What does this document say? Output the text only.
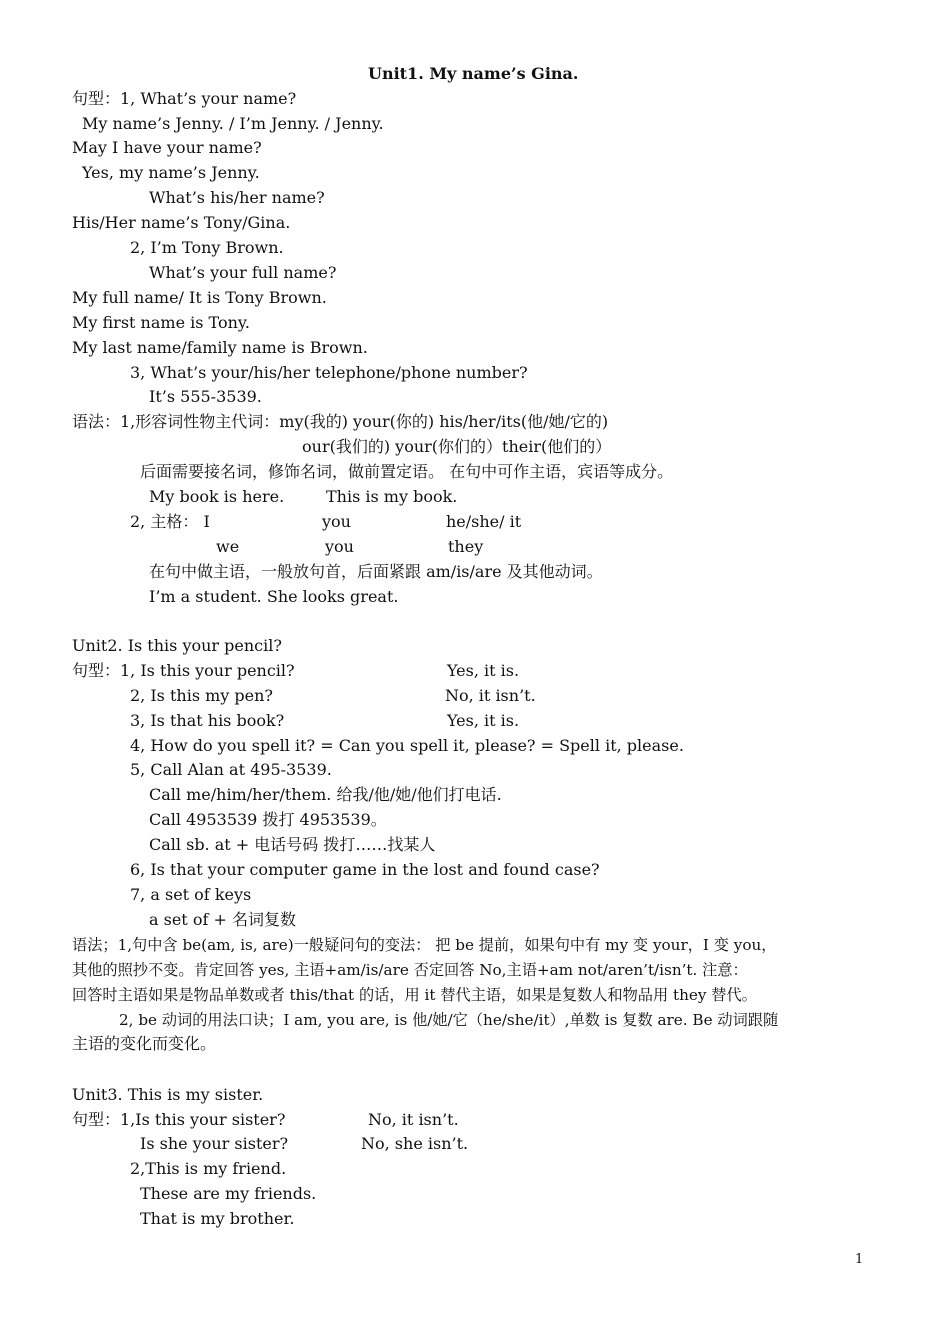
Unit1. My name’s Gina.
句型：1, What’s your name?
My name’s Jenny. / I’m Jenny. / Jenny.
May I have your name?
Yes, my name’s Jenny.
What’s his/her name?
His/Her name’s Tony/Gina.
2, I’m Tony Brown.
What’s your full name?
My full name/ It is Tony Brown.
My first name is Tony.
My last name/family name is Brown.
3, What’s your/his/her telephone/phone number?
It’s 555-3539.
语法：1,形容词性物主代词：my(我的) your(你的) his/her/its(他/她/它的)
our(我们的) your(你们的）their(他们的）
后面需要接名词，修饰名词，做前置定语。 在句中可作主语，宾语等成分。
My book is here.	This is my book.
2, 主格： I	you	he/she/ it
we	you	they
在句中做主语，一般放句首，后面紧跟 am/is/are 及其他动词。
I’m a student. She looks great.
Unit2. Is this your pencil?
句型：1, Is this your pencil?	Yes, it is.
2, Is this my pen?	No, it isn’t.
3, Is that his book?	Yes, it is.
4, How do you spell it? = Can you spell it, please? = Spell it, please.
5, Call Alan at 495-3539.
Call me/him/her/them. 给我/他/她/他们打电话.
Call 4953539 拨打 4953539。
Call sb. at + 电话号码 拨打……找某人
6, Is that your computer game in the lost and found case?
7, a set of keys
a set of + 名词复数
语法；1,句中含 be(am, is, are)一般疑问句的变法： 把 be 提前，如果句中有 my 变 your，I 变 you，
其他的照抄不变。肯定回答 yes, 主语+am/is/are 否定回答 No,主语+am not/aren’t/isn’t. 注意：
回答时主语如果是物品单数或者 this/that 的话，用 it 替代主语，如果是复数人和物品用 they 替代。
2, be 动词的用法口诀；I am, you are, is 他/她/它（he/she/it）,单数 is 复数 are. Be 动词跟随
主语的变化而变化。
Unit3. This is my sister.
句型：1,Is this your sister?	No, it isn’t.
Is she your sister?	No, she isn’t.
2,This is my friend.
These are my friends.
That is my brother.
1
